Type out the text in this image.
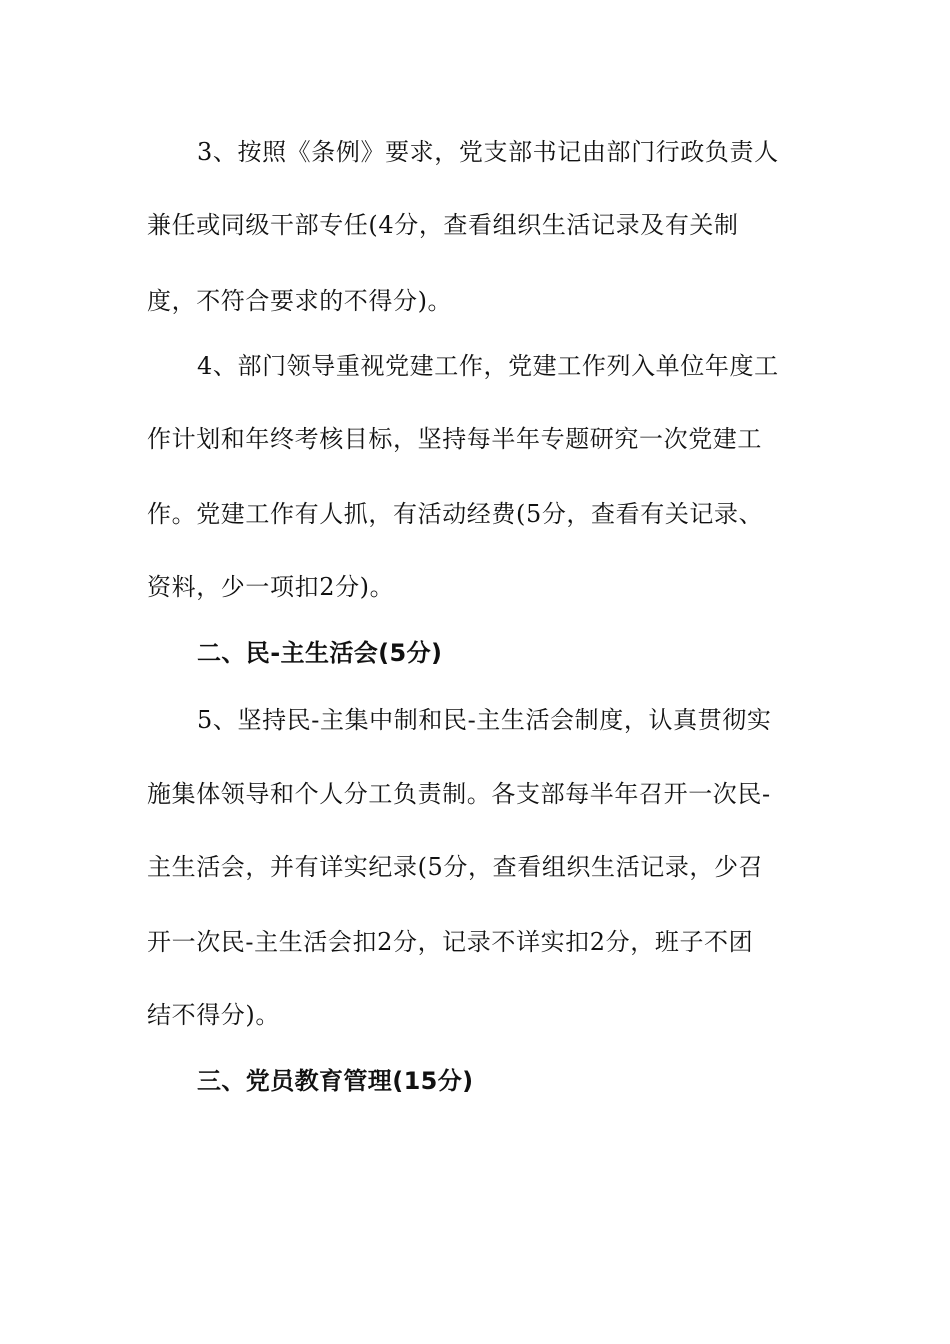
3、按照《条例》要求，党支部书记由部门行政负责人

兼任或同级干部专任(4分，查看组织生活记录及有关制

度，不符合要求的不得分)。

4、部门领导重视党建工作，党建工作列入单位年度工

作计划和年终考核目标，坚持每半年专题研究一次党建工

作。党建工作有人抓，有活动经费(5分，查看有关记录、

资料，少一项扣2分)。

二、民-主生活会(5分)

5、坚持民-主集中制和民-主生活会制度，认真贯彻实

施集体领导和个人分工负责制。各支部每半年召开一次民-

主生活会，并有详实纪录(5分，查看组织生活记录，少召

开一次民-主生活会扣2分，记录不详实扣2分，班子不团

结不得分)。

三、党员教育管理(15分)
